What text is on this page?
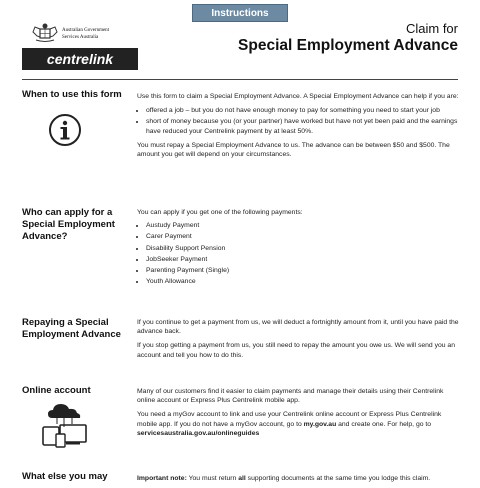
Instructions
Australian Government
Services Australia
centrelink
Claim for
Special Employment Advance
When to use this form	Use this form to claim a Special Employment Advance. A Special Employment Advance can help if you are:

• offered a job – but you do not have enough money to pay for something you need to start your job
• short of money because you (or your partner) have worked but have not yet been paid and the earnings have reduced your Centrelink payment by at least 50%.

You must repay a Special Employment Advance to us. The advance can be between $50 and $500. The amount you get will depend on your circumstances.

Who can apply for a Special Employment Advance?

You can apply if you get one of the following payments:

• Austudy Payment
• Carer Payment
• Disability Support Pension
• JobSeeker Payment
• Parenting Payment (Single)
• Youth Allowance
Repaying a Special Employment Advance

If you continue to get a payment from us, we will deduct a fortnightly amount from it, until you have paid the advance back.

If you stop getting a payment from us, you still need to repay the amount you owe us. We will send you an account and tell you how to do this.

Online account	Many of our customers find it easier to claim payments and manage their details using their Centrelink online account or Express Plus Centrelink mobile app.

You need a myGov account to link and use your Centrelink online account or Express Plus Centrelink mobile app. If you do not have a myGov account, go to my.gov.au and create one. For help, go to servicesaustralia.gov.au/onlineguides

What else you may	Important note: You must return all supporting documents at the same time you lodge this claim.
